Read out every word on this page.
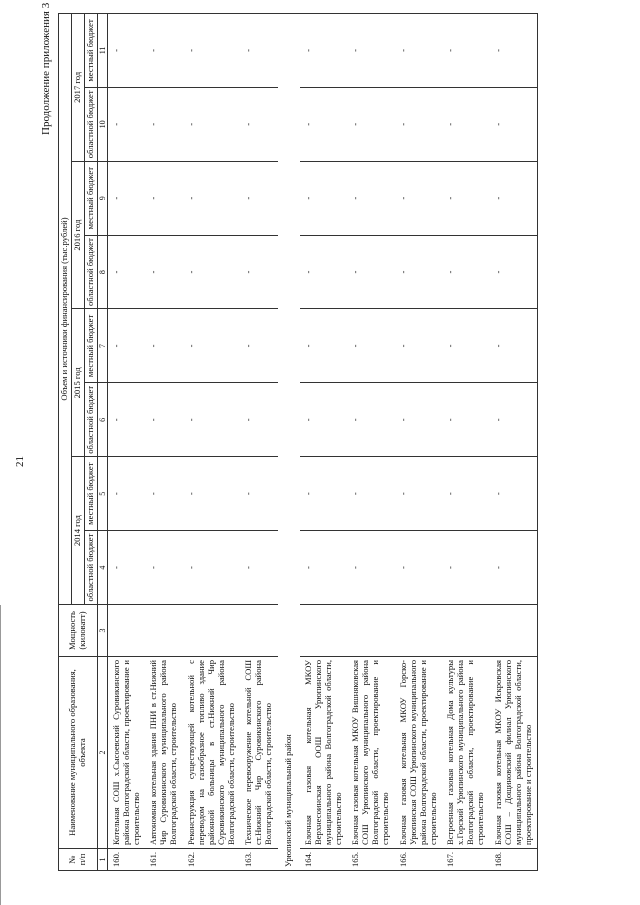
21
Продолжение приложения 3
№ п/п	Наименование муниципального образования, объекта	Мощность (киловатт)	Объем и источники финансирования (тыс.рублей)							
			2014 год		2015 год		2016 год		2017 год	
			областной бюджет	местный бюджет	областной бюджет	местный бюджет	областной бюджет	местный бюджет	областной бюджет	местный бюджет
1	2	3	4	5	6	7	8	9	10	11
160.	Котельная СОШ х.Сысоевский Суровикинского района Волгоградской области, проектирование и строительство		-	-	-	-	-	-	-	-
161.	Автономная котельная здания ПНИ в ст.Нижний Чир Суровикинского муниципального района Волгоградской области, строительство		-	-	-	-	-	-	-	-
162.	Реконструкция существующей котельной с переводом на газообразное топливо здание районной больницы в ст.Нижний Чир Суровикинского муниципального района Волгоградской области, строительство		-	-	-	-	-	-	-	-
163.	Техническое перевооружение котельной СОШ ст.Нижний Чир Суровикинского района Волгоградской области, строительство		-	-	-	-	-	-	-	-
Урюпинский муниципальный район										
164.	Блочная газовая котельная МКОУ Верхнесоинская ООШ Урюпинского муниципального района Волгоградской области, строительство		-	-	-	-	-	-	-	-
165.	Блочная газовая котельная МКОУ Вишняковская СОШ Урюпинского муниципального района Волгоградской области, проектирование и строительство		-	-	-	-	-	-	-	-
166.	Блочная газовая котельная МКОУ Горско-Урюпинская СОШ Урюпинского муниципального района Волгоградской области, проектирование и строительство		-	-	-	-	-	-	-	-
167.	Встроенная газовая котельная Дома культуры х.Горский Урюпинского муниципального района Волгоградской области, проектирование и строительство		-	-	-	-	-	-	-	-
168.	Блочная газовая котельная МКОУ Искровская СОШ – Дощиновский филиал Урюпинского муниципального района Волгоградской области, проектирование и строительство		-	-	-	-	-	-	-	-
